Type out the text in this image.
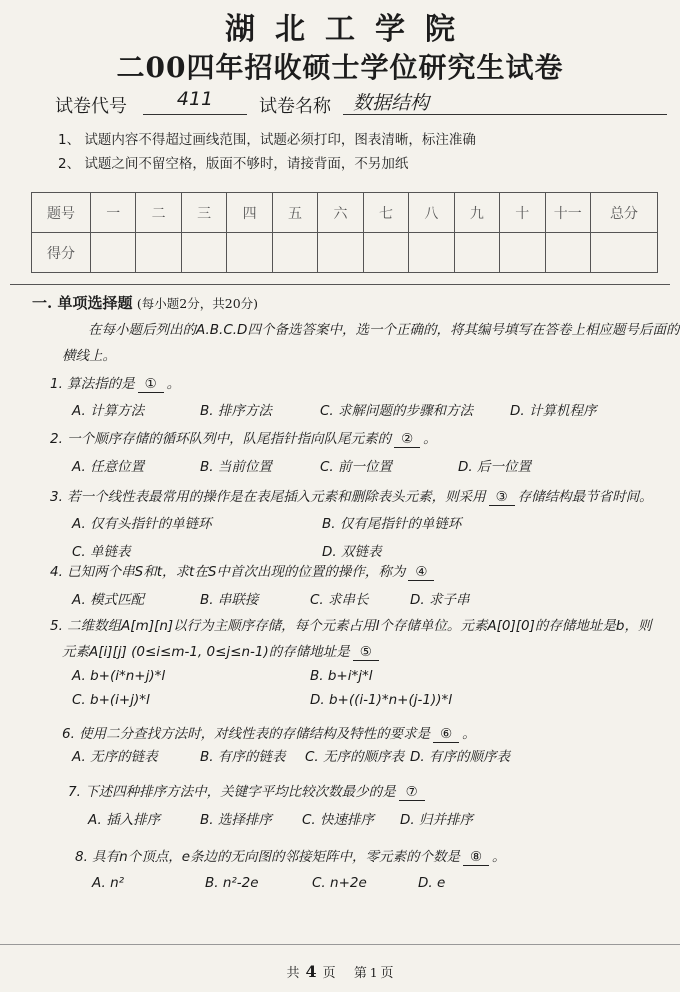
湖北工学院
二00四年招收硕士学位研究生试卷
试卷代号	411	试卷名称	数据结构
1、 试题内容不得超过画线范围，试题必须打印，图表清晰，标注准确
2、 试题之间不留空格，版面不够时，请接背面，不另加纸
题号	一	二	三	四	五	六	七	八	九	十	十一	总分
得分												
一. 单项选择题 (每小题2分，共20分)
在每小题后列出的A.B.C.D四个备选答案中，选一个正确的，将其编号填写在答卷上相应题号后面的
横线上。
1. 算法指的是 ① 。
A. 计算方法	B. 排序方法	C. 求解问题的步骤和方法	D. 计算机程序
2. 一个顺序存储的循环队列中，队尾指针指向队尾元素的 ② 。
A. 任意位置	B. 当前位置	C. 前一位置	D. 后一位置
3. 若一个线性表最常用的操作是在表尾插入元素和删除表头元素，则采用 ③ 存储结构最节省时间。
A. 仅有头指针的单链环	B. 仅有尾指针的单链环
C. 单链表	D. 双链表
4. 已知两个串S和t，求t在S中首次出现的位置的操作，称为 ④
A. 模式匹配	B. 串联接	C. 求串长	D. 求子串
5. 二维数组A[m][n]以行为主顺序存储，每个元素占用l个存储单位。元素A[0][0]的存储地址是b，则
元素A[i][j] (0≤i≤m-1, 0≤j≤n-1)的存储地址是 ⑤
A. b+(i*n+j)*l	B. b+i*j*l
C. b+(i+j)*l	D. b+((i-1)*n+(j-1))*l
6. 使用二分查找方法时，对线性表的存储结构及特性的要求是 ⑥ 。
A. 无序的链表	B. 有序的链表 C. 无序的顺序表 D. 有序的顺序表
7. 下述四种排序方法中，关键字平均比较次数最少的是 ⑦
A. 插入排序	B. 选择排序 C. 快速排序 D. 归并排序
8. 具有n个顶点，e条边的无向图的邻接矩阵中，零元素的个数是 ⑧ 。
A. n²	B. n²-2e	C. n+2e	D. e
共 4 页 第 1 页
